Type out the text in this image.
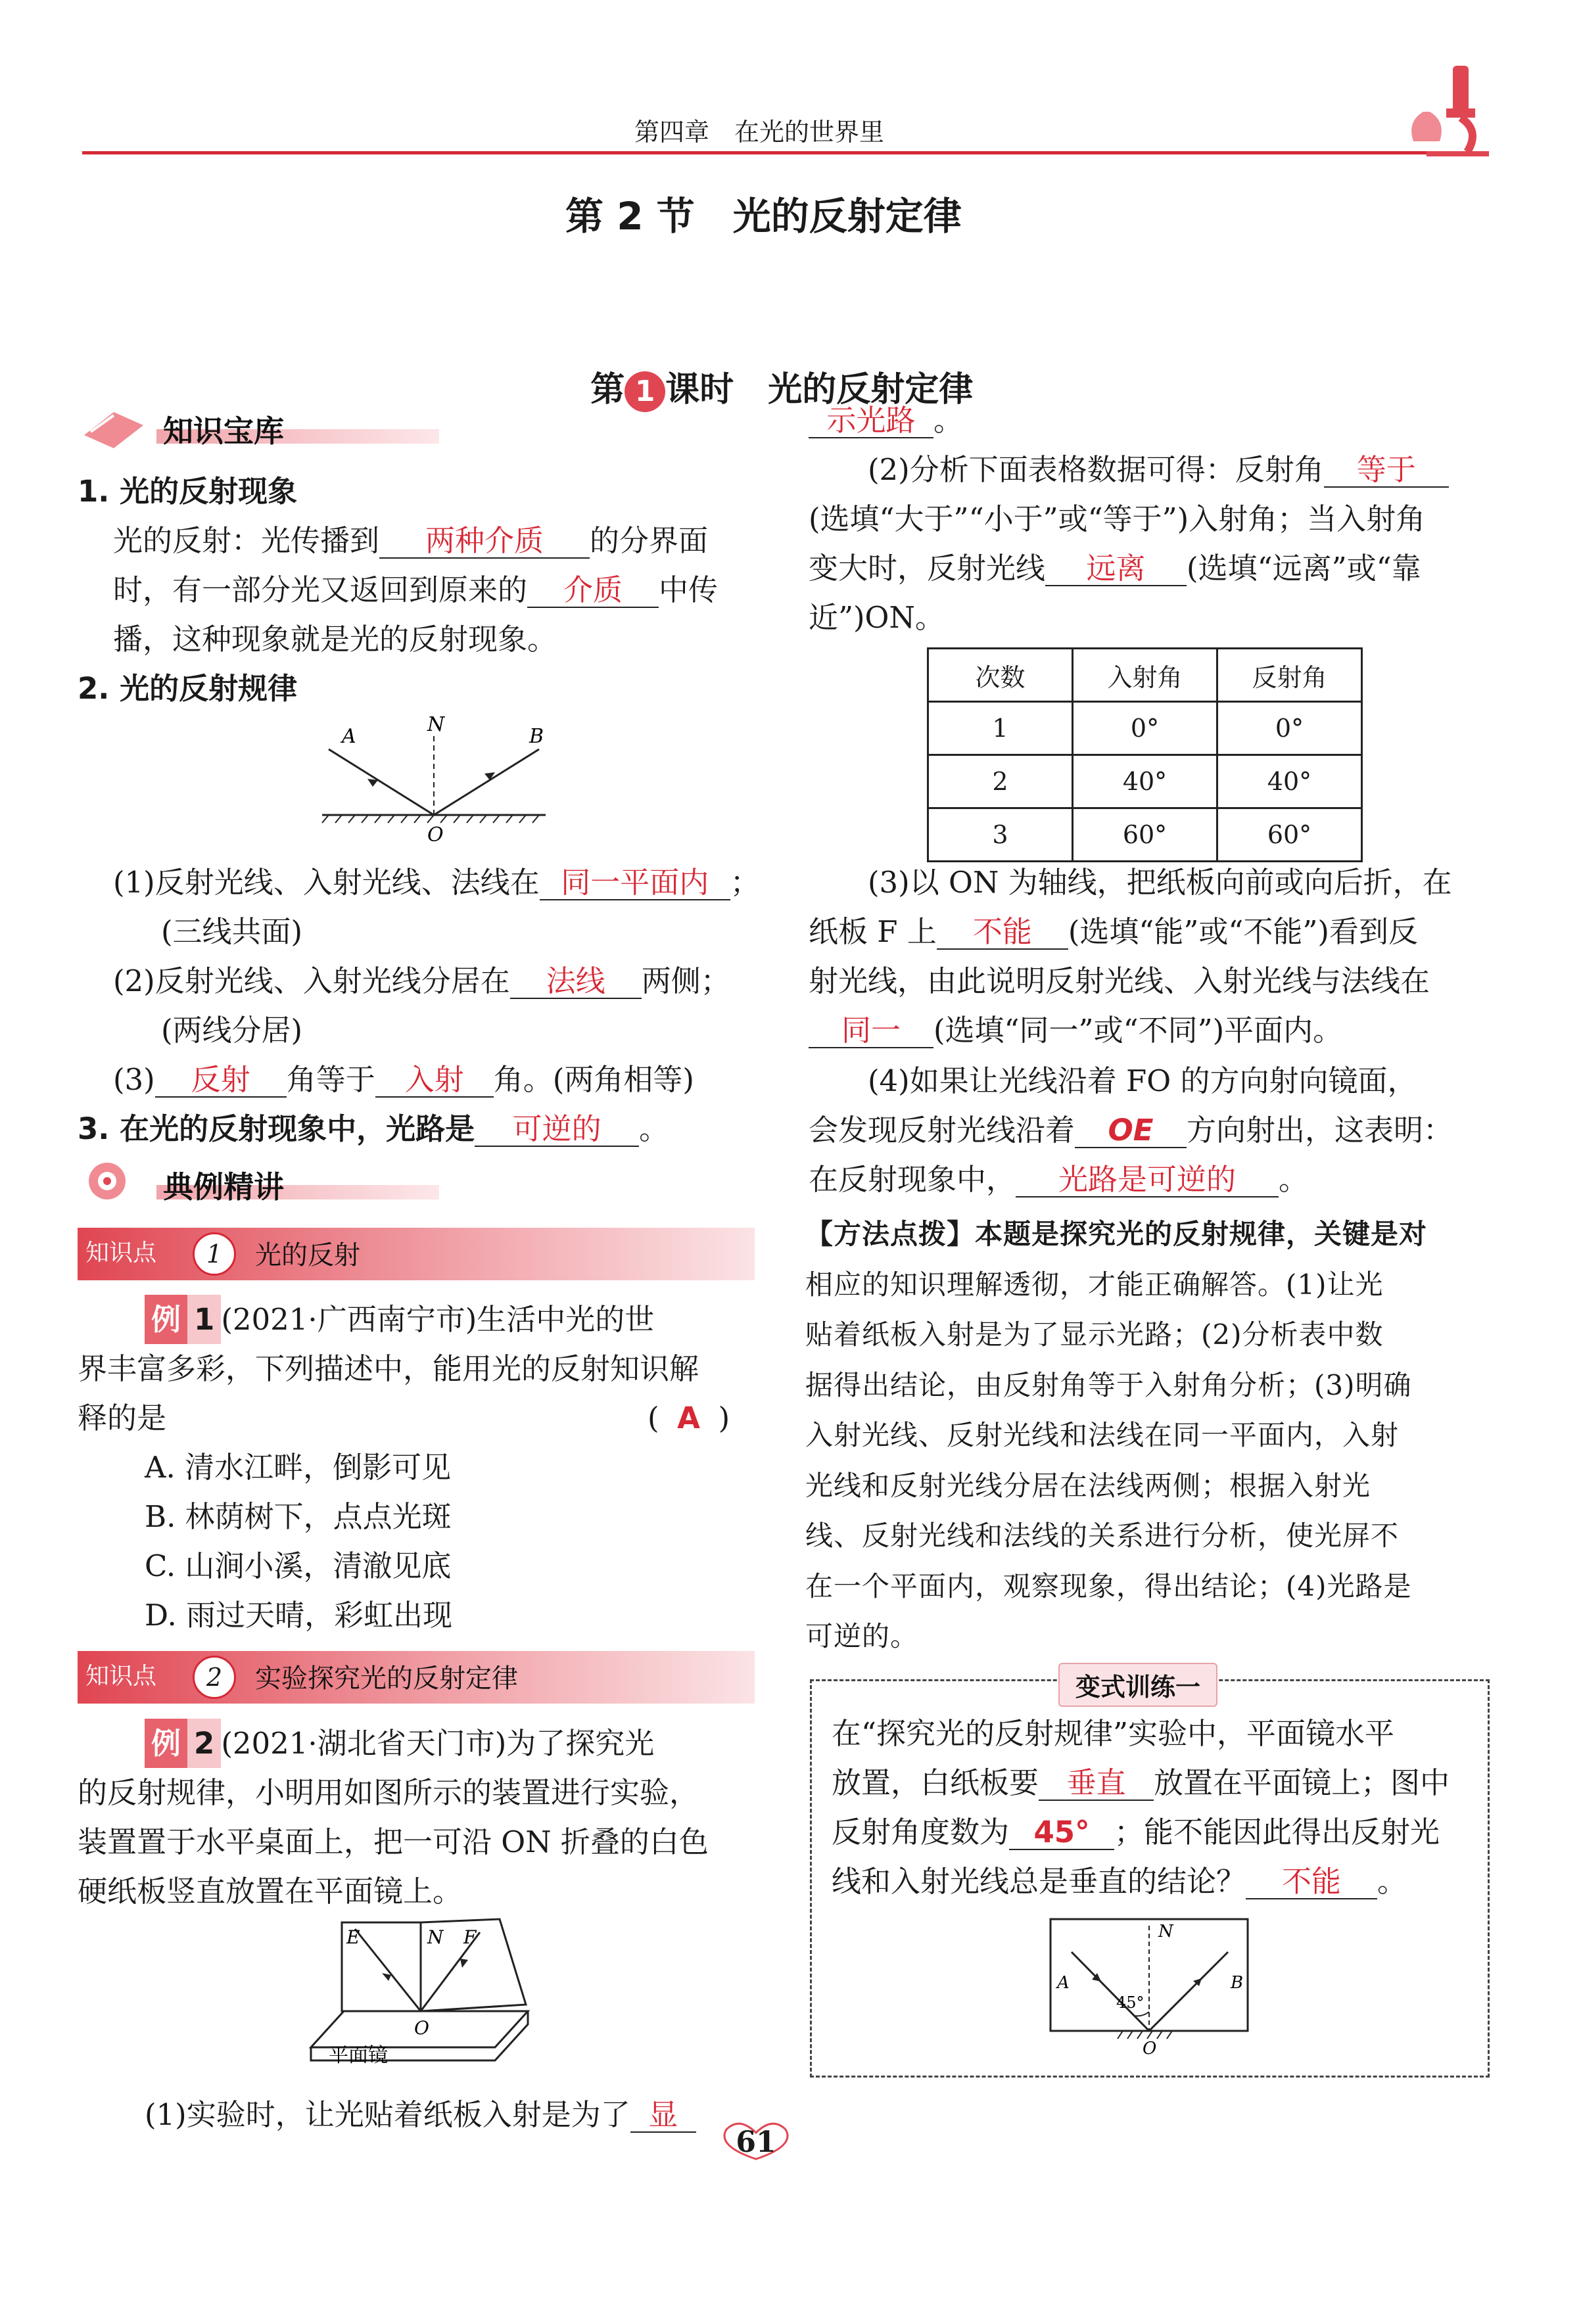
第四章　在光的世界里
第 2 节　光的反射定律

第 1 课时　光的反射定律

知识宝库
1. 光的反射现象
光的反射：光传播到 两种介质 的分界面
时，有一部分光又返回到原来的 介质 中传
播，这种现象就是光的反射现象。
2. 光的反射规律
A
N
B
O
(1)反射光线、入射光线、法线在 同一平面内 ；
(三线共面)
(2)反射光线、入射光线分居在 法线 两侧；
(两线分居)
(3) 反射 角等于 入射 角。(两角相等)
3. 在光的反射现象中，光路是 可逆的 。
典例精讲
知识点	1	光的反射
例 1 (2021·广西南宁市)生活中光的世
界丰富多彩，下列描述中，能用光的反射知识解
释的是	( A )
A. 清水江畔，倒影可见
B. 林荫树下，点点光斑
C. 山涧小溪，清澈见底
D. 雨过天晴，彩虹出现
知识点	2	实验探究光的反射定律
例 2 (2021·湖北省天门市)为了探究光
的反射规律，小明用如图所示的装置进行实验，
装置置于水平桌面上，把一可沿 ON 折叠的白色
硬纸板竖直放置在平面镜上。
E	N F
O
平面镜
(1)实验时，让光贴着纸板入射是为了 显
61
示光路 。
(2)分析下面表格数据可得：反射角 等于
(选填“大于”“小于”或“等于”)入射角；当入射角
变大时，反射光线 远离 (选填“远离”或“靠
近”)ON。
次数	入射角	反射角
1	0°	0°
2	40°	40°
3	60°	60°
(3)以 ON 为轴线，把纸板向前或向后折，在
纸板 F 上 不能 (选填“能”或“不能”)看到反
射光线，由此说明反射光线、入射光线与法线在
同一 (选填“同一”或“不同”)平面内。
(4)如果让光线沿着 FO 的方向射向镜面，
会发现反射光线沿着 OE 方向射出，这表明：
在反射现象中， 光路是可逆的 。
【方法点拨】本题是探究光的反射规律，关键是对
相应的知识理解透彻，才能正确解答。(1)让光
贴着纸板入射是为了显示光路；(2)分析表中数
据得出结论，由反射角等于入射角分析；(3)明确
入射光线、反射光线和法线在同一平面内，入射
光线和反射光线分居在法线两侧；根据入射光
线、反射光线和法线的关系进行分析，使光屏不
在一个平面内，观察现象，得出结论；(4)光路是
可逆的。
变式训练一
在“探究光的反射规律”实验中，平面镜水平
放置，白纸板要 垂直 放置在平面镜上；图中
反射角度数为 45° ；能不能因此得出反射光
线和入射光线总是垂直的结论？ 不能 。
A
N
B
O
45°
